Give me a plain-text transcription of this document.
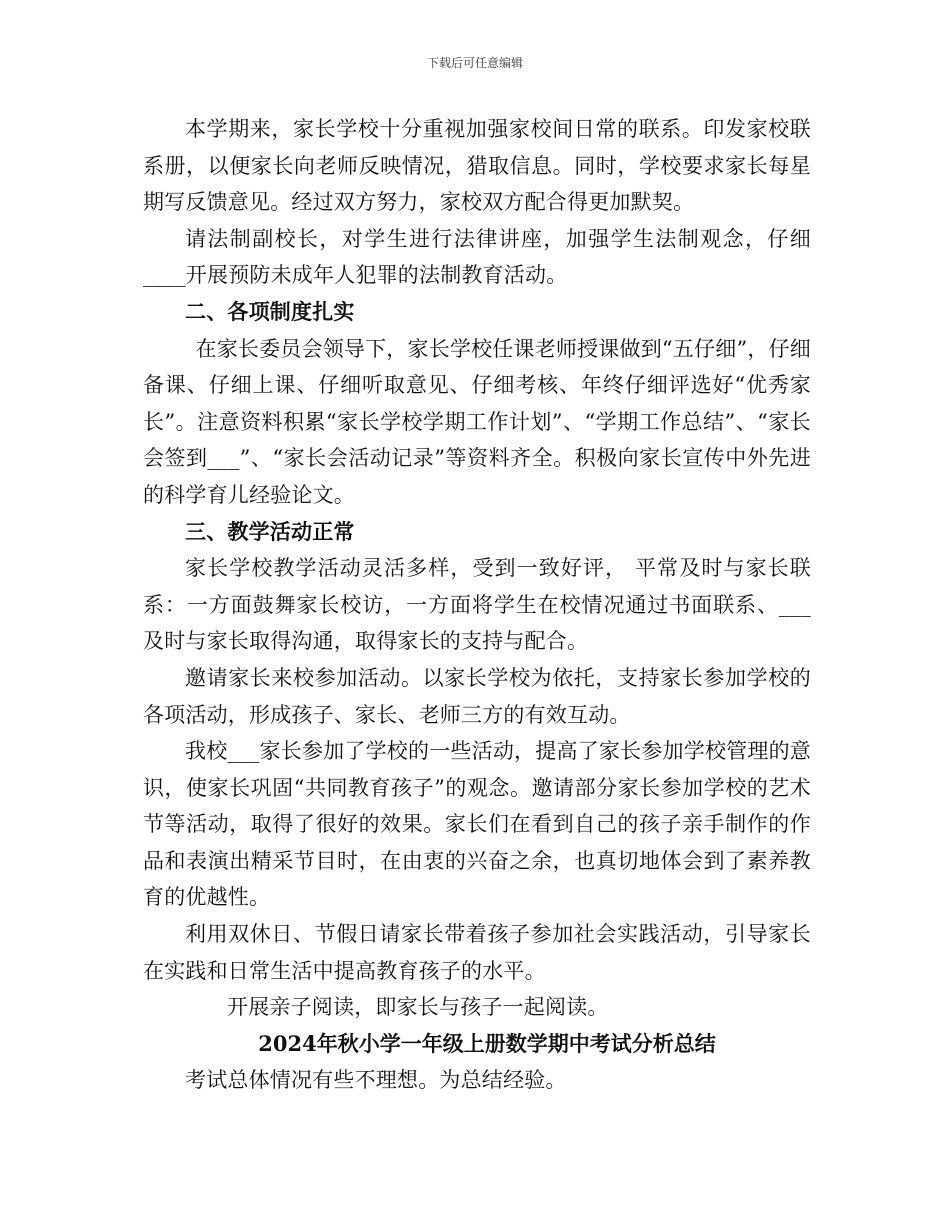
下载后可任意编辑

本学期来，家长学校十分重视加强家校间日常的联系。印发家校联系册，以便家长向老师反映情况，猎取信息。同时，学校要求家长每星期写反馈意见。经过双方努力，家校双方配合得更加默契。

请法制副校长，对学生进行法律讲座，加强学生法制观念，仔细____开展预防未成年人犯罪的法制教育活动。

二、各项制度扎实

在家长委员会领导下，家长学校任课老师授课做到“五仔细”，仔细备课、仔细上课、仔细听取意见、仔细考核、年终仔细评选好“优秀家长”。注意资料积累“家长学校学期工作计划”、“学期工作总结”、“家长会签到___”、“家长会活动记录”等资料齐全。积极向家长宣传中外先进的科学育儿经验论文。

三、教学活动正常

家长学校教学活动灵活多样，受到一致好评， 平常及时与家长联系：一方面鼓舞家长校访，一方面将学生在校情况通过书面联系、___及时与家长取得沟通，取得家长的支持与配合。

邀请家长来校参加活动。以家长学校为依托，支持家长参加学校的各项活动，形成孩子、家长、老师三方的有效互动。

我校___家长参加了学校的一些活动，提高了家长参加学校管理的意识，使家长巩固“共同教育孩子”的观念。邀请部分家长参加学校的艺术节等活动，取得了很好的效果。家长们在看到自己的孩子亲手制作的作品和表演出精采节目时，在由衷的兴奋之余，也真切地体会到了素养教育的优越性。

利用双休日、节假日请家长带着孩子参加社会实践活动，引导家长在实践和日常生活中提高教育孩子的水平。

开展亲子阅读，即家长与孩子一起阅读。

2024年秋小学一年级上册数学期中考试分析总结

考试总体情况有些不理想。为总结经验。
